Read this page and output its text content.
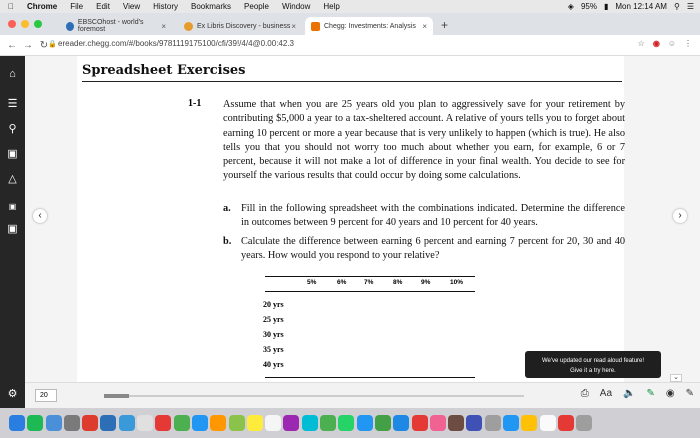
Chrome File Edit View History Bookmarks People Window Help	◈ 95% ▮ Mon 12:14 AM ⚲ ☰
EBSCOhost - world's foremost	×	Ex Libris Discovery - business ×	Chegg: Investments: Analysis × +
← → ↻ 🔒 ereader.chegg.com/#/books/9781119175100/cfi/39!/4/4@0.00:42.3	☆ ◉ ☺ ⋮
⌂
☰
⚲
▣
△
▣
▣
⚙
Spreadsheet Exercises
1-1 Assume that when you are 25 years old you plan to aggressively save for your retirement by contributing $5,000 a year to a tax-sheltered account. A relative of yours tells you to forget about earning 10 percent or more a year because that is very unlikely to happen (which is true). He also tells you that you should not worry too much about whether you earn, for example, 6 or 7 percent, because it will not make a lot of difference in your final wealth. You decide to see for yourself the various results that could occur by doing some calculations.
a. Fill in the following spreadsheet with the combinations indicated. Determine the difference in outcomes between 9 percent for 40 years and 10 percent for 40 years.
b. Calculate the difference between earning 6 percent and earning 7 percent for 20, 30 and 40 years. How would you respond to your relative?
5%	6%	7%	8%	9%	10%
20 yrs
25 yrs
30 yrs
35 yrs
40 yrs
‹	›
We've updated our read aloud feature!
Give it a try here.
⌄
20	⎙ Aa 🔈 ✎ ◉ ✎
